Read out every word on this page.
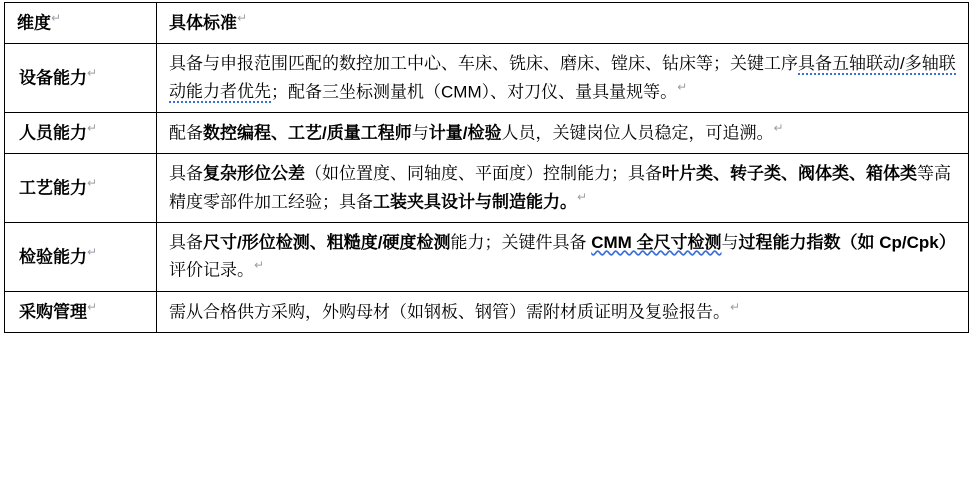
维度↵	具体标准↵
设备能力↵	具备与申报范围匹配的数控加工中心、车床、铣床、磨床、镗床、钻床等；关键工序具备五轴联动/多轴联动能力者优先；配备三坐标测量机（CMM）、对刀仪、量具量规等。↵
人员能力↵	配备数控编程、工艺/质量工程师与计量/检验人员，关键岗位人员稳定，可追溯。↵
工艺能力↵	具备复杂形位公差（如位置度、同轴度、平面度）控制能力；具备叶片类、转子类、阀体类、箱体类等高精度零部件加工经验；具备工装夹具设计与制造能力。↵
检验能力↵	具备尺寸/形位检测、粗糙度/硬度检测能力；关键件具备 CMM 全尺寸检测与过程能力指数（如 Cp/Cpk）评价记录。↵
采购管理↵	需从合格供方采购，外购母材（如钢板、钢管）需附材质证明及复验报告。↵
